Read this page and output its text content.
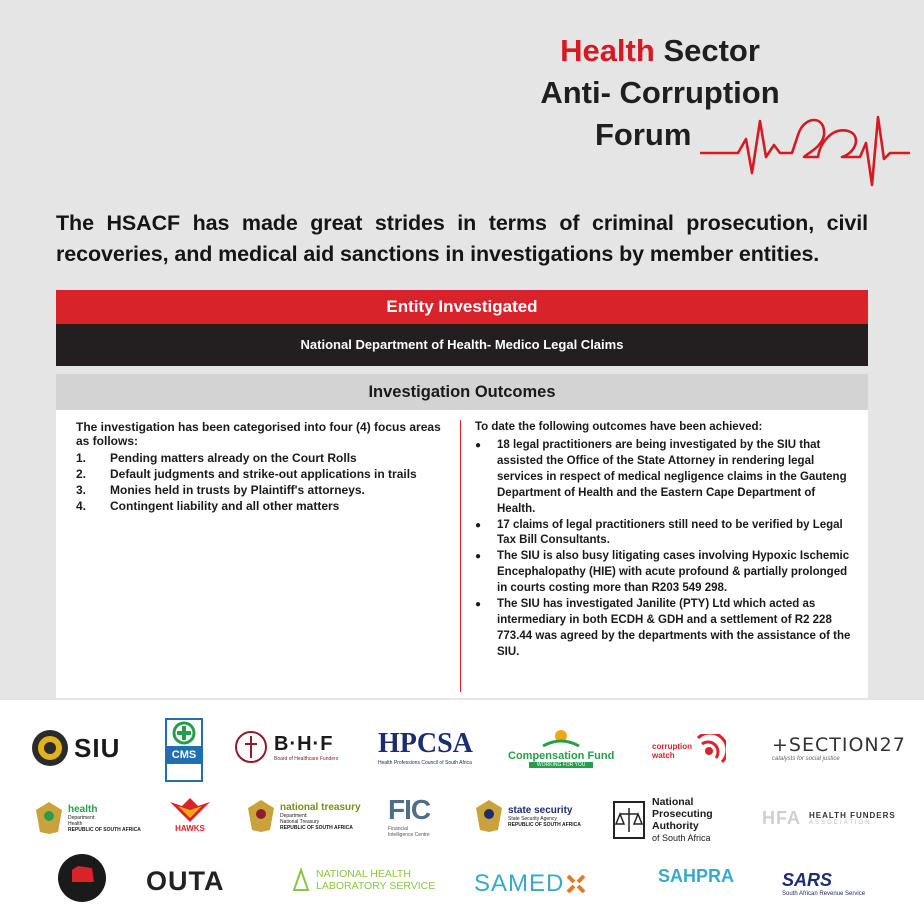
Health Sector
Anti- Corruption
Forum

The HSACF has made great strides in terms of criminal prosecution, civil recoveries, and medical aid sanctions in investigations by member entities.

Entity Investigated
National Department of Health- Medico Legal Claims
Investigation Outcomes

The investigation has been categorised into four (4) focus areas as follows:

1.	Pending matters already on the Court Rolls
2.	Default judgments and strike-out applications in trails
3.	Monies held in trusts by Plaintiff's attorneys.
4.	Contingent liability and all other matters

To date the following outcomes have been achieved:

●	18 legal practitioners are being investigated by the SIU that assisted the Office of the State Attorney in rendering legal services in respect of medical negligence claims in the Gauteng Department of Health and the Eastern Cape Department of Health.
●	17 claims of legal practitioners still need to be verified by Legal Tax Bill Consultants.
●	The SIU is also busy litigating cases involving Hypoxic Ischemic Encephalopathy (HIE) with acute profound & partially prolonged in courts costing more than R203 549 298.
●	The SIU has investigated Janilite (PTY) Ltd which acted as intermediary in both ECDH & GDH and a settlement of R2 228 773.44 was agreed by the departments with the assistance of the SIU.
SIU	CMS
B·H·F
Board of Healthcare Funders HPCSA
Health Professions Council of South Africa
Compensation Fund
WORKING FOR YOU
corruption watch	+SECTION27
catalysts for social justice
health
Department:
Health
REPUBLIC OF SOUTH AFRICA	HAWKS
national treasury
Department:
National Treasury
REPUBLIC OF SOUTH AFRICA
FIC
Financial
Intelligence Centre
state security
State Security Agency
REPUBLIC OF SOUTH AFRICA
National
Prosecuting
Authority
of South Africa
HFA HEALTH FUNDERS
ASSOCIATION
OUTA	NATIONAL HEALTH
LABORATORY SERVICE SAMED	SAHPRA	SARS
South African Revenue Service
